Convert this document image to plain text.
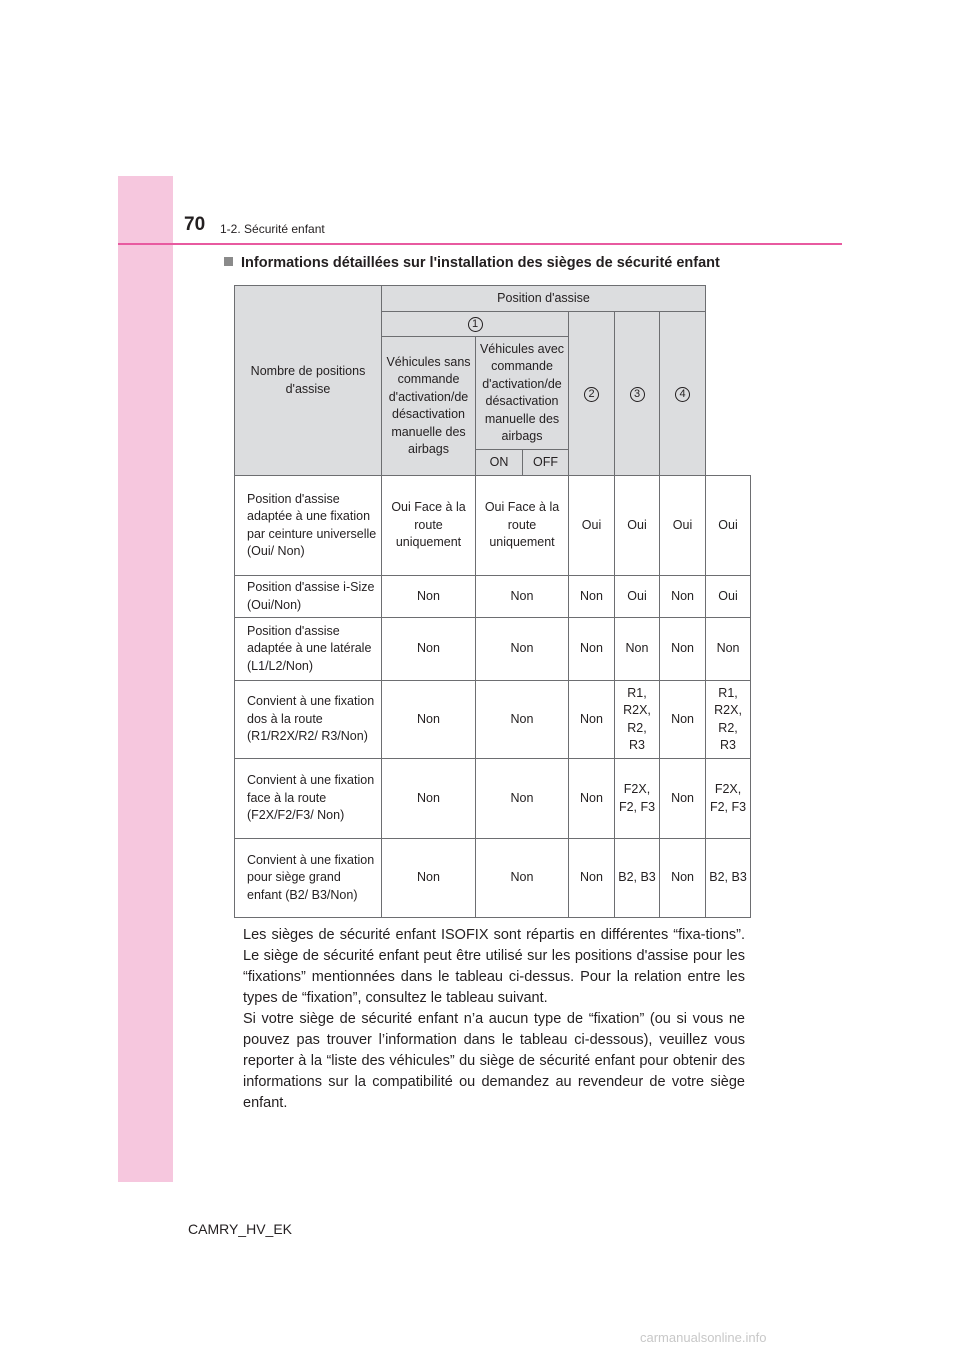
70 1-2. Sécurité enfant
Informations détaillées sur l'installation des sièges de sécurité enfant
Nombre de positions d'assise	Position d'assise						
	1			2	3	4	
	Véhicules sans commande d'activation/de désactivation manuelle des airbags	Véhicules avec commande d'activation/de désactivation manuelle des airbags					
		ON	OFF				
Position d'assise adaptée à une fixation par ceinture universelle (Oui/ Non)	Oui Face à la route uniquement	Oui Face à la route uniquement		Oui	Oui	Oui	Oui
Position d'assise i-Size (Oui/Non)	Non	Non		Non	Oui	Non	Oui
Position d'assise adaptée à une latérale (L1/L2/Non)	Non	Non		Non	Non	Non	Non
Convient à une fixation dos à la route (R1/R2X/R2/ R3/Non)	Non	Non		Non	R1, R2X, R2, R3	Non	R1, R2X, R2, R3
Convient à une fixation face à la route (F2X/F2/F3/ Non)	Non	Non		Non	F2X, F2, F3	Non	F2X, F2, F3
Convient à une fixation pour siège grand enfant (B2/ B3/Non)	Non	Non		Non	B2, B3	Non	B2, B3

Les sièges de sécurité enfant ISOFIX sont répartis en différentes “fixa-tions”. Le siège de sécurité enfant peut être utilisé sur les positions d'assise pour les “fixations” mentionnées dans le tableau ci-dessus. Pour la relation entre les types de “fixation”, consultez le tableau suivant.

Si votre siège de sécurité enfant n’a aucun type de “fixation” (ou si vous ne pouvez pas trouver l’information dans le tableau ci-dessous), veuillez vous reporter à la “liste des véhicules” du siège de sécurité enfant pour obtenir des informations sur la compatibilité ou demandez au revendeur de votre siège enfant.

CAMRY_HV_EK
carmanualsonline.info
